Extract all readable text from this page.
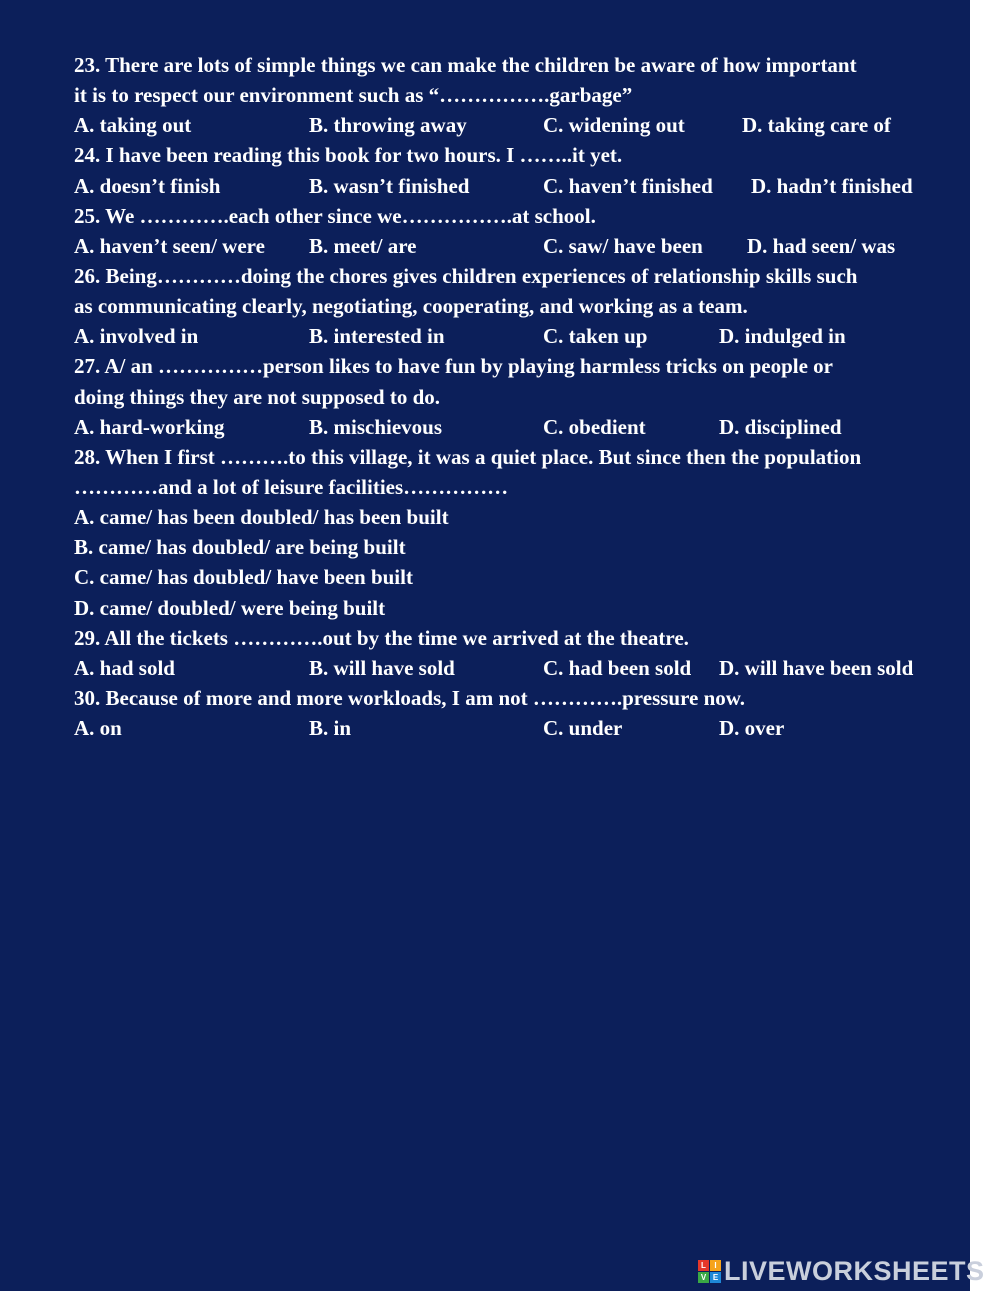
23. There are lots of simple things we can make the children be aware of how important
it is to respect our environment such as “…………….garbage”
A. taking out	B. throwing away	C. widening out	D. taking care of
24. I have been reading this book for two hours. I ……..it yet.
A. doesn’t finish	B. wasn’t finished	C. haven’t finished D. hadn’t finished
25. We ………….each other since we…………….at school.
A. haven’t seen/ were B. meet/ are	C. saw/ have been D. had seen/ was
26. Being…………doing the chores gives children experiences of relationship skills such
as communicating clearly, negotiating, cooperating, and working as a team.
A. involved in	B. interested in	C. taken up	D. indulged in
27. A/ an ……………person likes to have fun by playing harmless tricks on people or
doing things they are not supposed to do.
A. hard-working	B. mischievous	C. obedient	D. disciplined
28. When I first ……….to this village, it was a quiet place. But since then the population
…………and a lot of leisure facilities……………
A. came/ has been doubled/ has been built
B. came/ has doubled/ are being built
C. came/ has doubled/ have been built
D. came/ doubled/ were being built
29. All the tickets ………….out by the time we arrived at the theatre.
A. had sold	B. will have sold	C. had been sold D. will have been sold
30. Because of more and more workloads, I am not ………….pressure now.
A. on	B. in	C. under	D. over
L	I
V E LIVEWORKSHEETS
